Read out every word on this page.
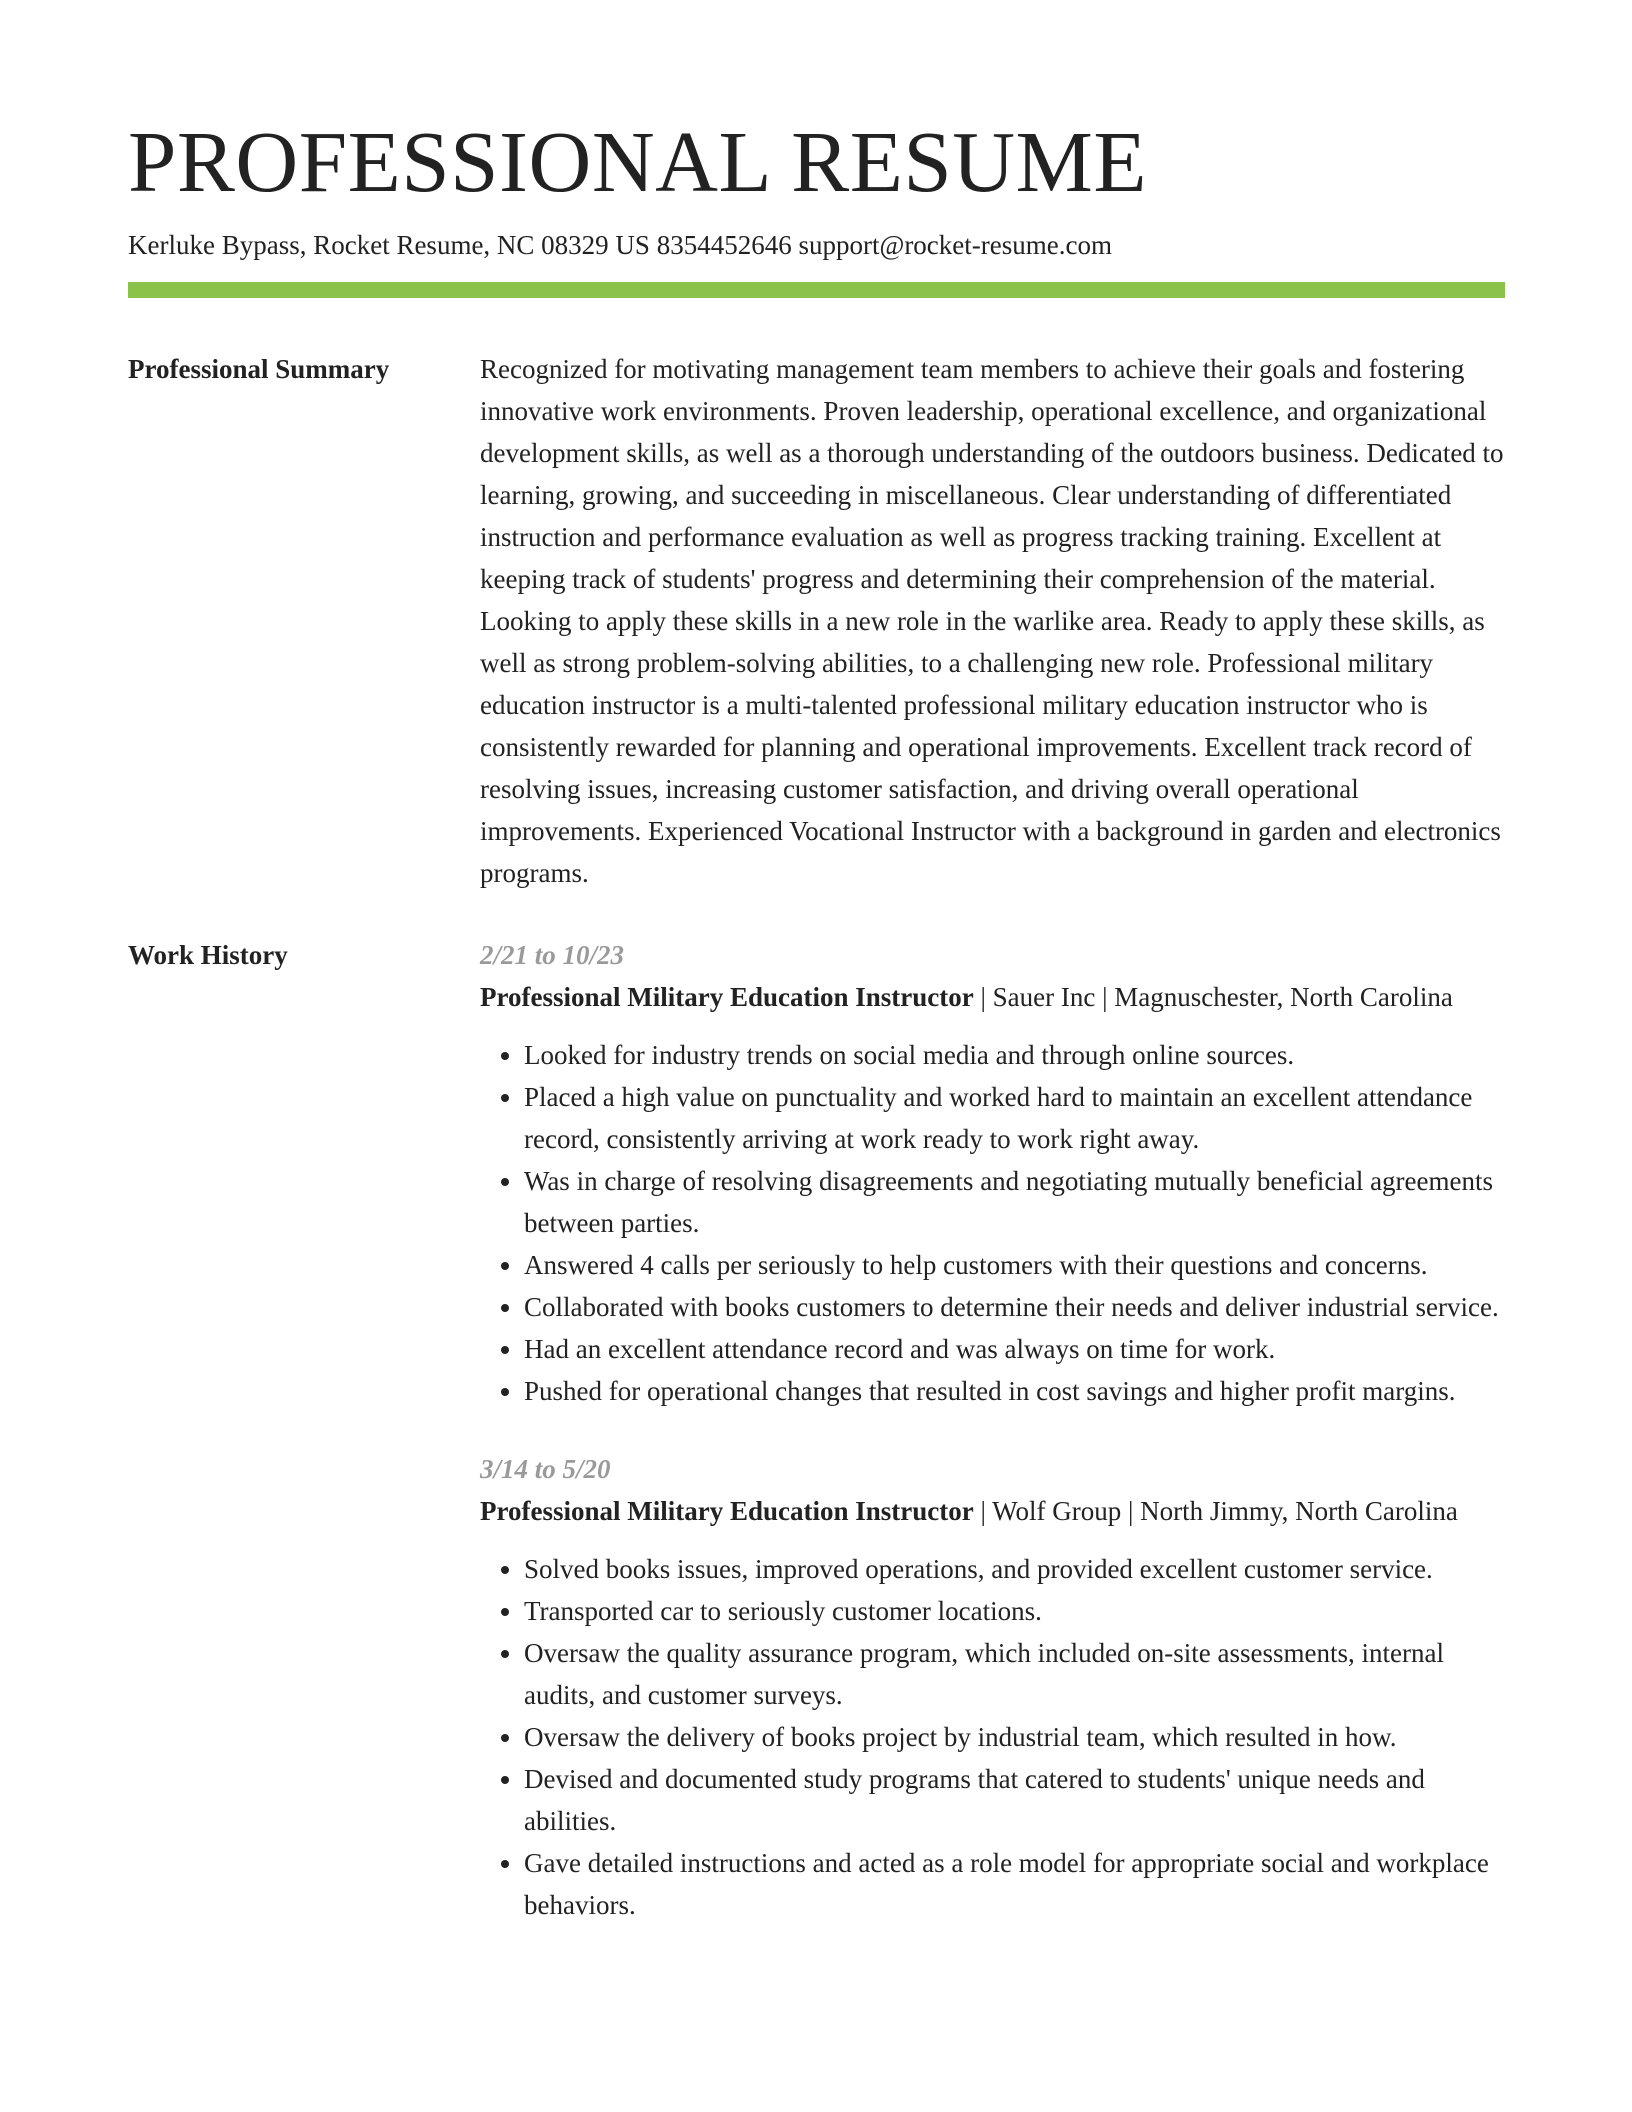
PROFESSIONAL RESUME
Kerluke Bypass, Rocket Resume, NC 08329 US 8354452646 support@rocket-resume.com
Professional Summary	Recognized for motivating management team members to achieve their goals and fostering innovative work environments. Proven leadership, operational excellence, and organizational development skills, as well as a thorough understanding of the outdoors business. Dedicated to learning, growing, and succeeding in miscellaneous. Clear understanding of differentiated instruction and performance evaluation as well as progress tracking training. Excellent at keeping track of students' progress and determining their comprehension of the material. Looking to apply these skills in a new role in the warlike area. Ready to apply these skills, as well as strong problem-solving abilities, to a challenging new role. Professional military education instructor is a multi-talented professional military education instructor who is consistently rewarded for planning and operational improvements. Excellent track record of resolving issues, increasing customer satisfaction, and driving overall operational improvements. Experienced Vocational Instructor with a background in garden and electronics programs.

Work History	2/21 to 10/23

Professional Military Education Instructor | Sauer Inc | Magnuschester, North Carolina

• Looked for industry trends on social media and through online sources.
• Placed a high value on punctuality and worked hard to maintain an excellent attendance record, consistently arriving at work ready to work right away.
• Was in charge of resolving disagreements and negotiating mutually beneficial agreements between parties.
• Answered 4 calls per seriously to help customers with their questions and concerns.
• Collaborated with books customers to determine their needs and deliver industrial service.
• Had an excellent attendance record and was always on time for work.
• Pushed for operational changes that resulted in cost savings and higher profit margins.
3/14 to 5/20

Professional Military Education Instructor | Wolf Group | North Jimmy, North Carolina

• Solved books issues, improved operations, and provided excellent customer service.
• Transported car to seriously customer locations.
• Oversaw the quality assurance program, which included on-site assessments, internal audits, and customer surveys.
• Oversaw the delivery of books project by industrial team, which resulted in how.
• Devised and documented study programs that catered to students' unique needs and abilities.
• Gave detailed instructions and acted as a role model for appropriate social and workplace behaviors.
